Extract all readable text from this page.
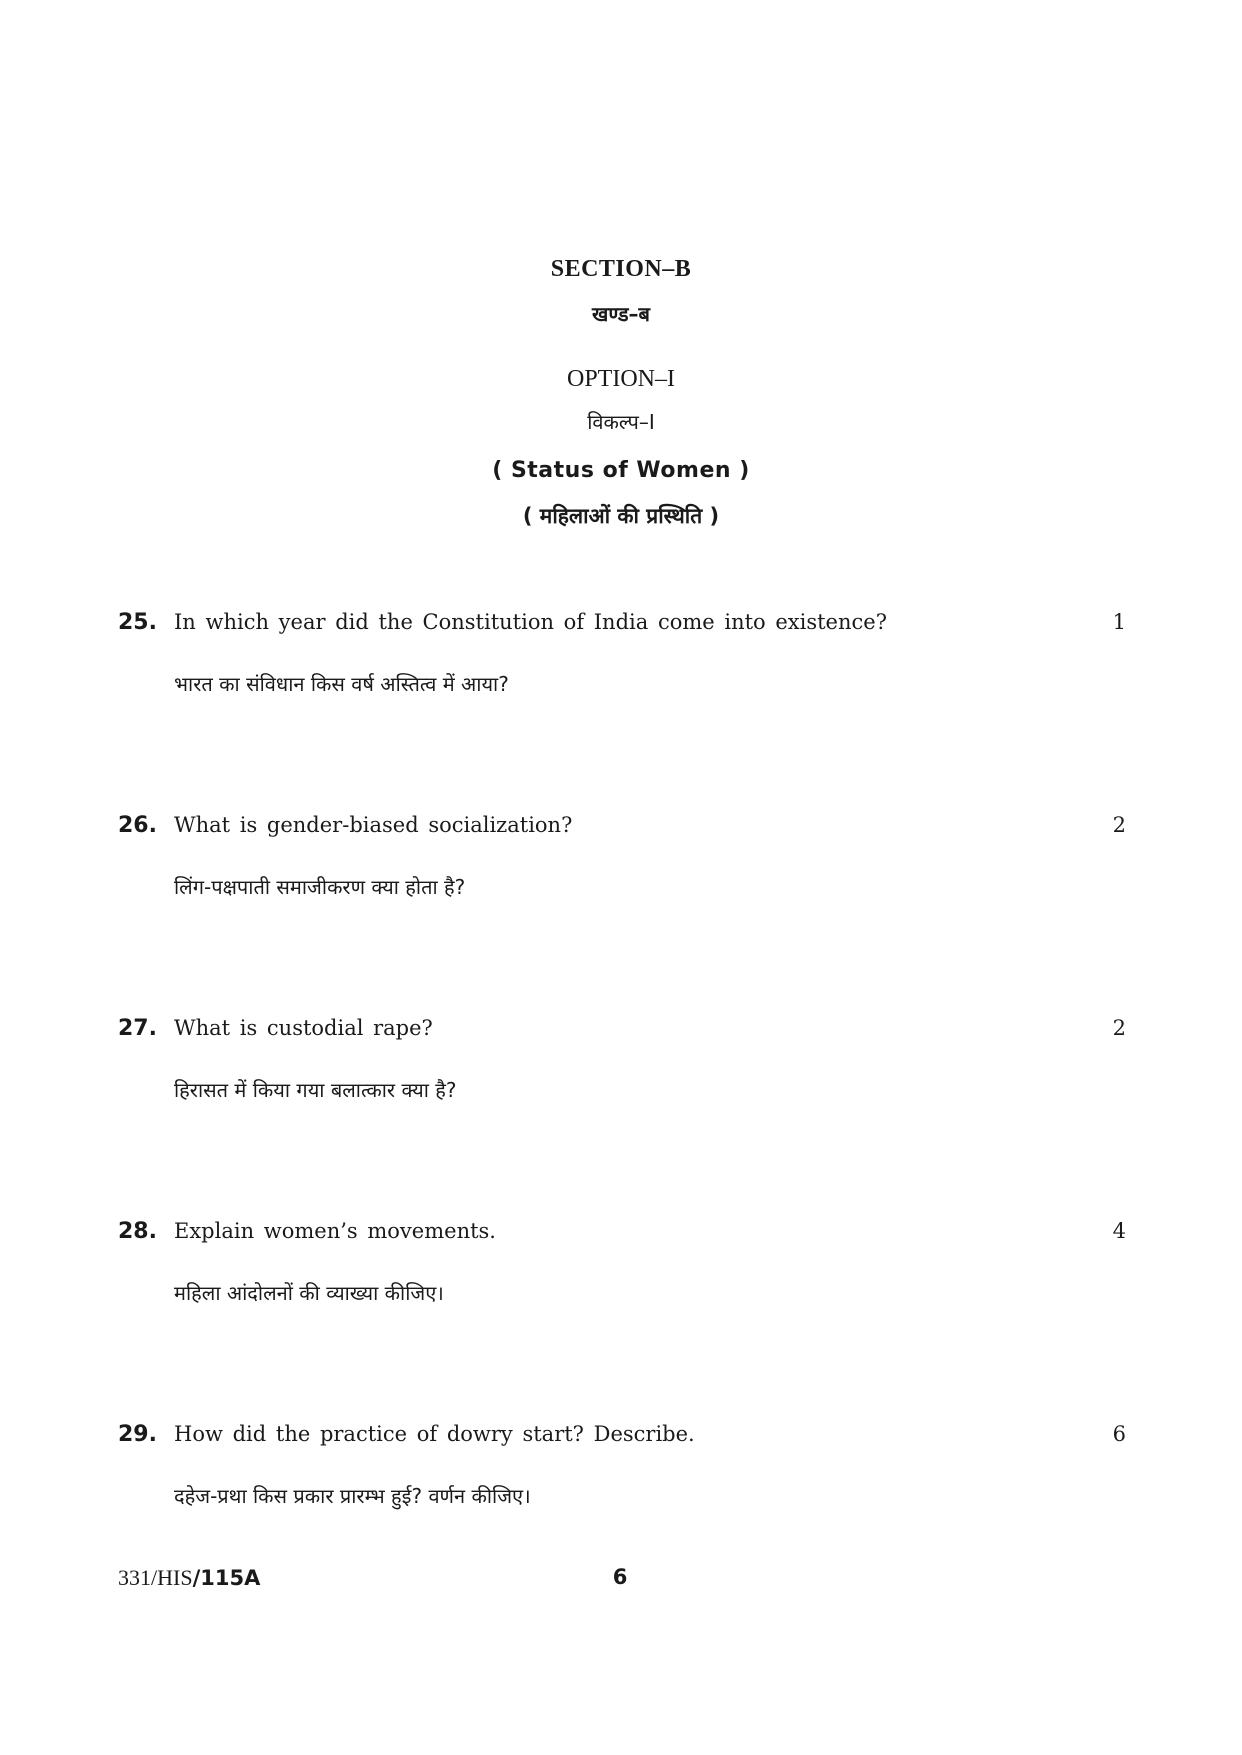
SECTION–B
खण्ड–ब
OPTION–I
विकल्प–I
( Status of Women )
( महिलाओं की प्रस्थिति )
25. In which year did the Constitution of India come into existence?	1
भारत का संविधान किस वर्ष अस्तित्व में आया?
26. What is gender-biased socialization?	2
लिंग-पक्षपाती समाजीकरण क्या होता है?
27. What is custodial rape?	2
हिरासत में किया गया बलात्कार क्या है?
28. Explain women’s movements.	4
महिला आंदोलनों की व्याख्या कीजिए।
29. How did the practice of dowry start? Describe.	6
दहेज-प्रथा किस प्रकार प्रारम्भ हुई? वर्णन कीजिए।
331/HIS/115A	6
